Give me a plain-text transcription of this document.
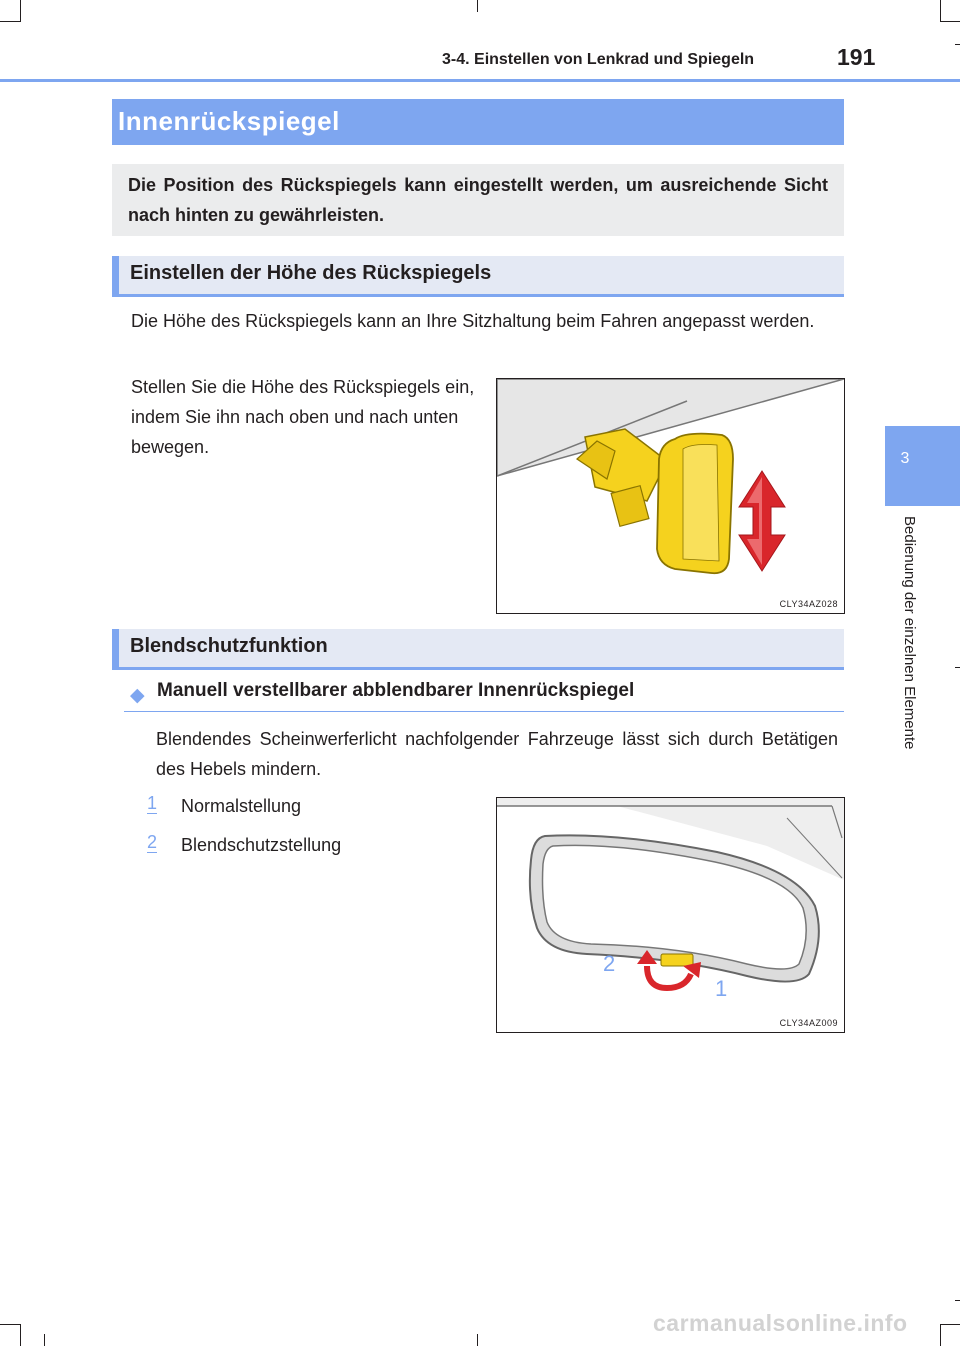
3-4. Einstellen von Lenkrad und Spiegeln	191
3
Bedienung der einzelnen Elemente
Innenrückspiegel
Die Position des Rückspiegels kann eingestellt werden, um ausreichende Sicht nach hinten zu gewährleisten.
Einstellen der Höhe des Rückspiegels
Die Höhe des Rückspiegels kann an Ihre Sitzhaltung beim Fahren angepasst werden.
Stellen Sie die Höhe des Rückspiegels ein, indem Sie ihn nach oben und nach unten bewegen.
CLY34AZ028
Blendschutzfunktion
◆ Manuell verstellbarer abblendbarer Innenrückspiegel
Blendendes Scheinwerferlicht nachfolgender Fahrzeuge lässt sich durch Betätigen des Hebels mindern.
1 Normalstellung
2 Blendschutzstellung
2
1
CLY34AZ009
carmanualsonline.info
